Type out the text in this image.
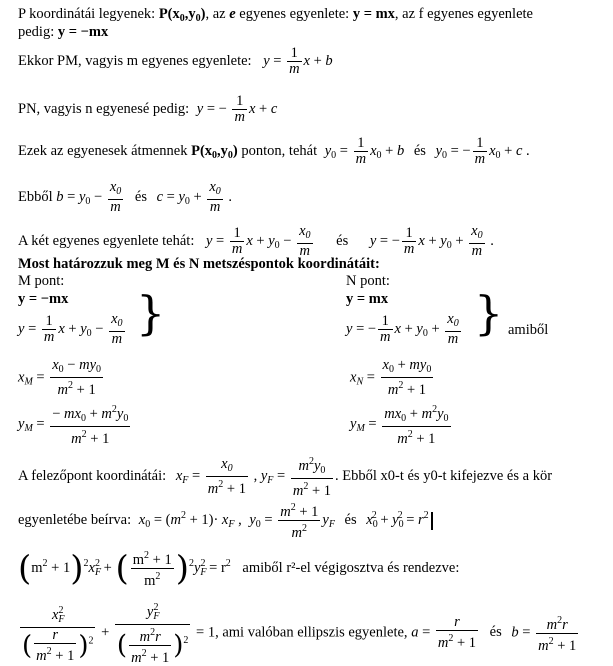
P koordinátái legyenek: $P(x_0,y_0)$, az e egyenes egyenlete: y = mx, az f egyenes egyenlete
pedig: y = −mx
Ekkor PM, vagyis m egyenes egyenlete: $y = \frac{1}{m}$ x + b
PN, vagyis n egyenesé pedig: y = − $\frac{1}{m}$ x + c
Ezek az egyenesek átmennek $P(x_0,y_0)$ ponton, tehát $y_0 = \frac{1}{m} x_0 + b$ és $y_0$ = − $\frac{1}{m} x_0 + c$ .
Ebből $b = y_0 - \frac{x_0}{m}$ és $c = y_0 + \frac{x_0}{m}$ .
A két egyenes egyenlete tehát: $y = \frac{1}{m}$ $x + y_0 - \frac{x_0}{m}$ és y = − $\frac{1}{m}$ $x + y_0 + \frac{x_0}{m}$ .
Most határozzuk meg M és N metszéspontok koordinátáit:
M pont:	N pont:
y = −mx	y = mx
$y = \frac{1}{m}$ $x + y_0 - \frac{x_0}{m}$ }	y = − $\frac{1}{m}$ $x + y_0 + \frac{x_0}{m}$ } amiből
$x_M = \frac{x_0 - my_0}{m^2 + 1}$	$x_N = \frac{x_0 + my_0}{m^2 + 1}$
$y_M = \frac{- mx_0 + m^2y_0}{m^2 + 1}$	$y_M = \frac{mx_0 + m^2y_0}{m^2 + 1}$
A felezőpont koordinátái: $x_F = \frac{x_0}{m^2 + 1}$ , $y_F = \frac{m^2y_0}{m^2 + 1}$ . Ebből x0-t és y0-t kifejezve és a kör
egyenletébe beírva: $x_0 = (m^2 + 1)\cdot x_F$ , $y_0 = \frac{m^2 + 1}{m^2} y_F$ és $x_0^2 + y_0^2 = r^2$
$(m^2 + 1)^2x_F^2$ + ( $\frac{m^2 + 1}{m^2} )^2y_F^2 = r^2$ amiből r²-el végigosztva és rendezve:
$\frac{x_F^2}{( \frac{r}{m^2 + 1} )^2} + \frac{y_F^2}{( \frac{m^2r}{m^2 + 1} )^2} = 1$, ami valóban ellipszis egyenlete, $a = \frac{r}{m^2 + 1}$ és $b = \frac{m^2r}{m^2 + 1}$
